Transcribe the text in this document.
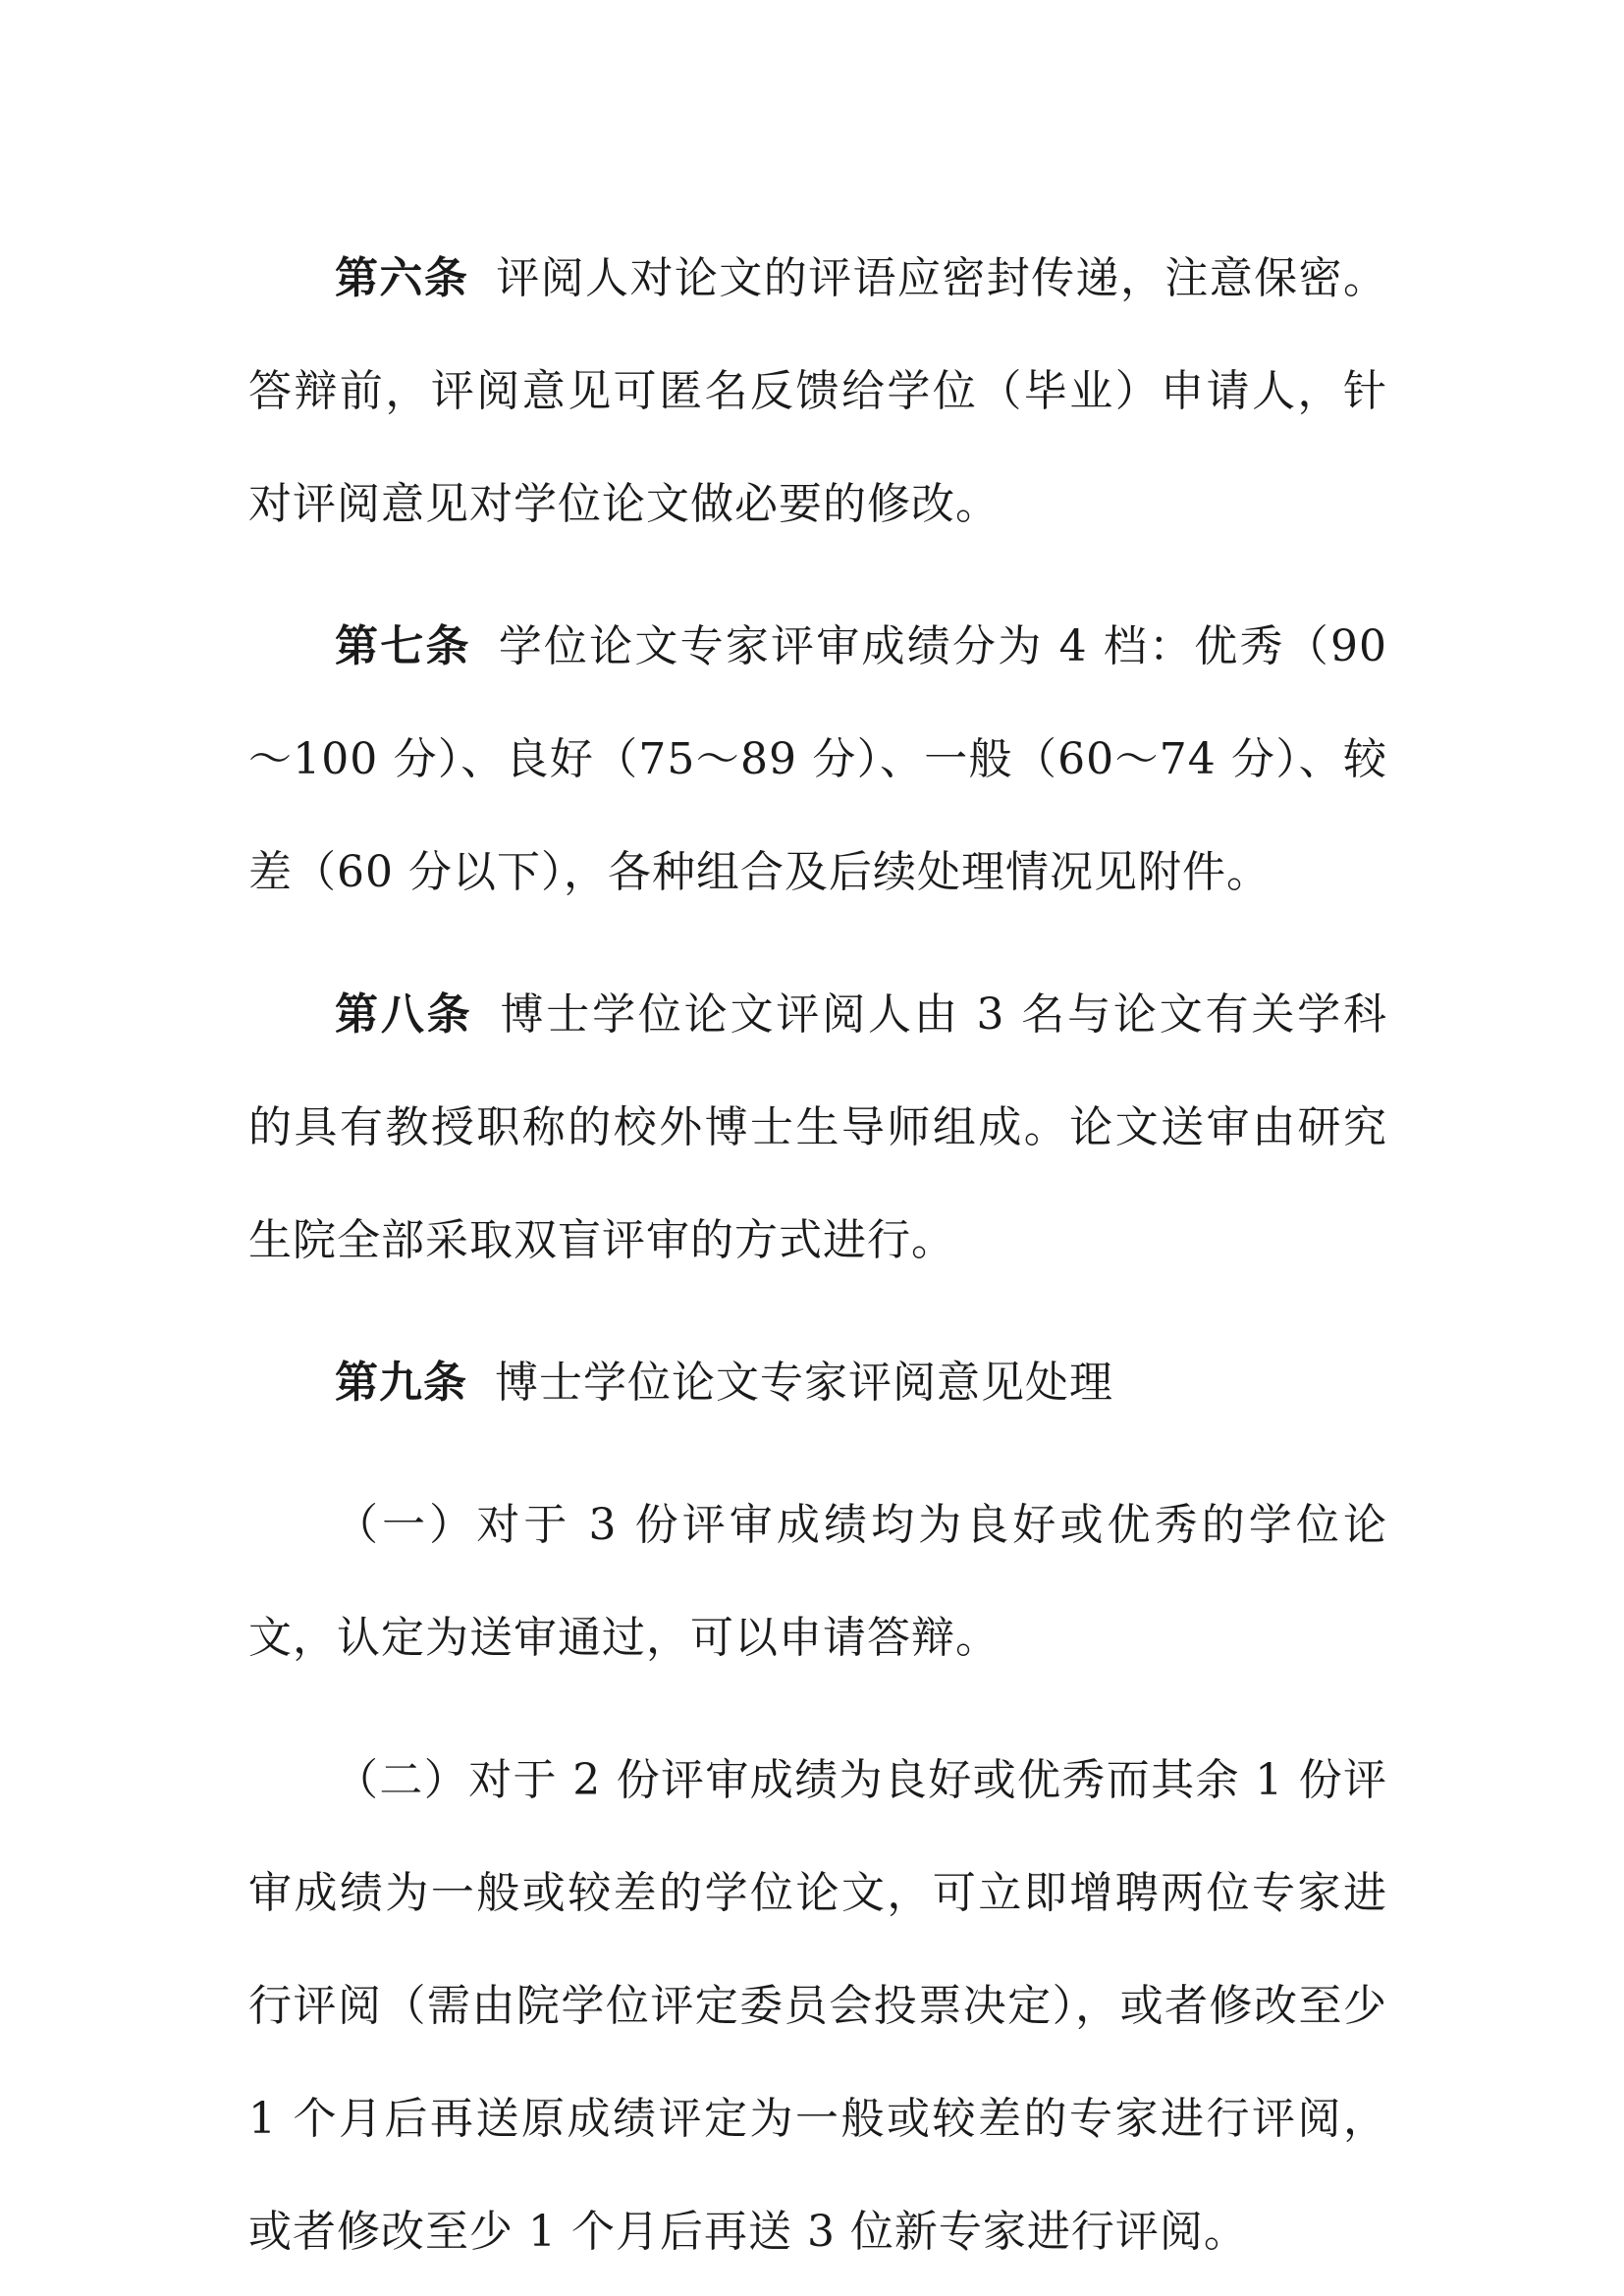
第六条 评阅人对论文的评语应密封传递，注意保密。答辩前，评阅意见可匿名反馈给学位（毕业）申请人，针对评阅意见对学位论文做必要的修改。

第七条 学位论文专家评审成绩分为 4 档：优秀（90～100 分）、良好（75～89 分）、一般（60～74 分）、较差（60 分以下），各种组合及后续处理情况见附件。

第八条 博士学位论文评阅人由 3 名与论文有关学科的具有教授职称的校外博士生导师组成。论文送审由研究生院全部采取双盲评审的方式进行。

第九条 博士学位论文专家评阅意见处理

（一）对于 3 份评审成绩均为良好或优秀的学位论文，认定为送审通过，可以申请答辩。

（二）对于 2 份评审成绩为良好或优秀而其余 1 份评审成绩为一般或较差的学位论文，可立即增聘两位专家进行评阅（需由院学位评定委员会投票决定），或者修改至少 1 个月后再送原成绩评定为一般或较差的专家进行评阅，或者修改至少 1 个月后再送 3 位新专家进行评阅。
